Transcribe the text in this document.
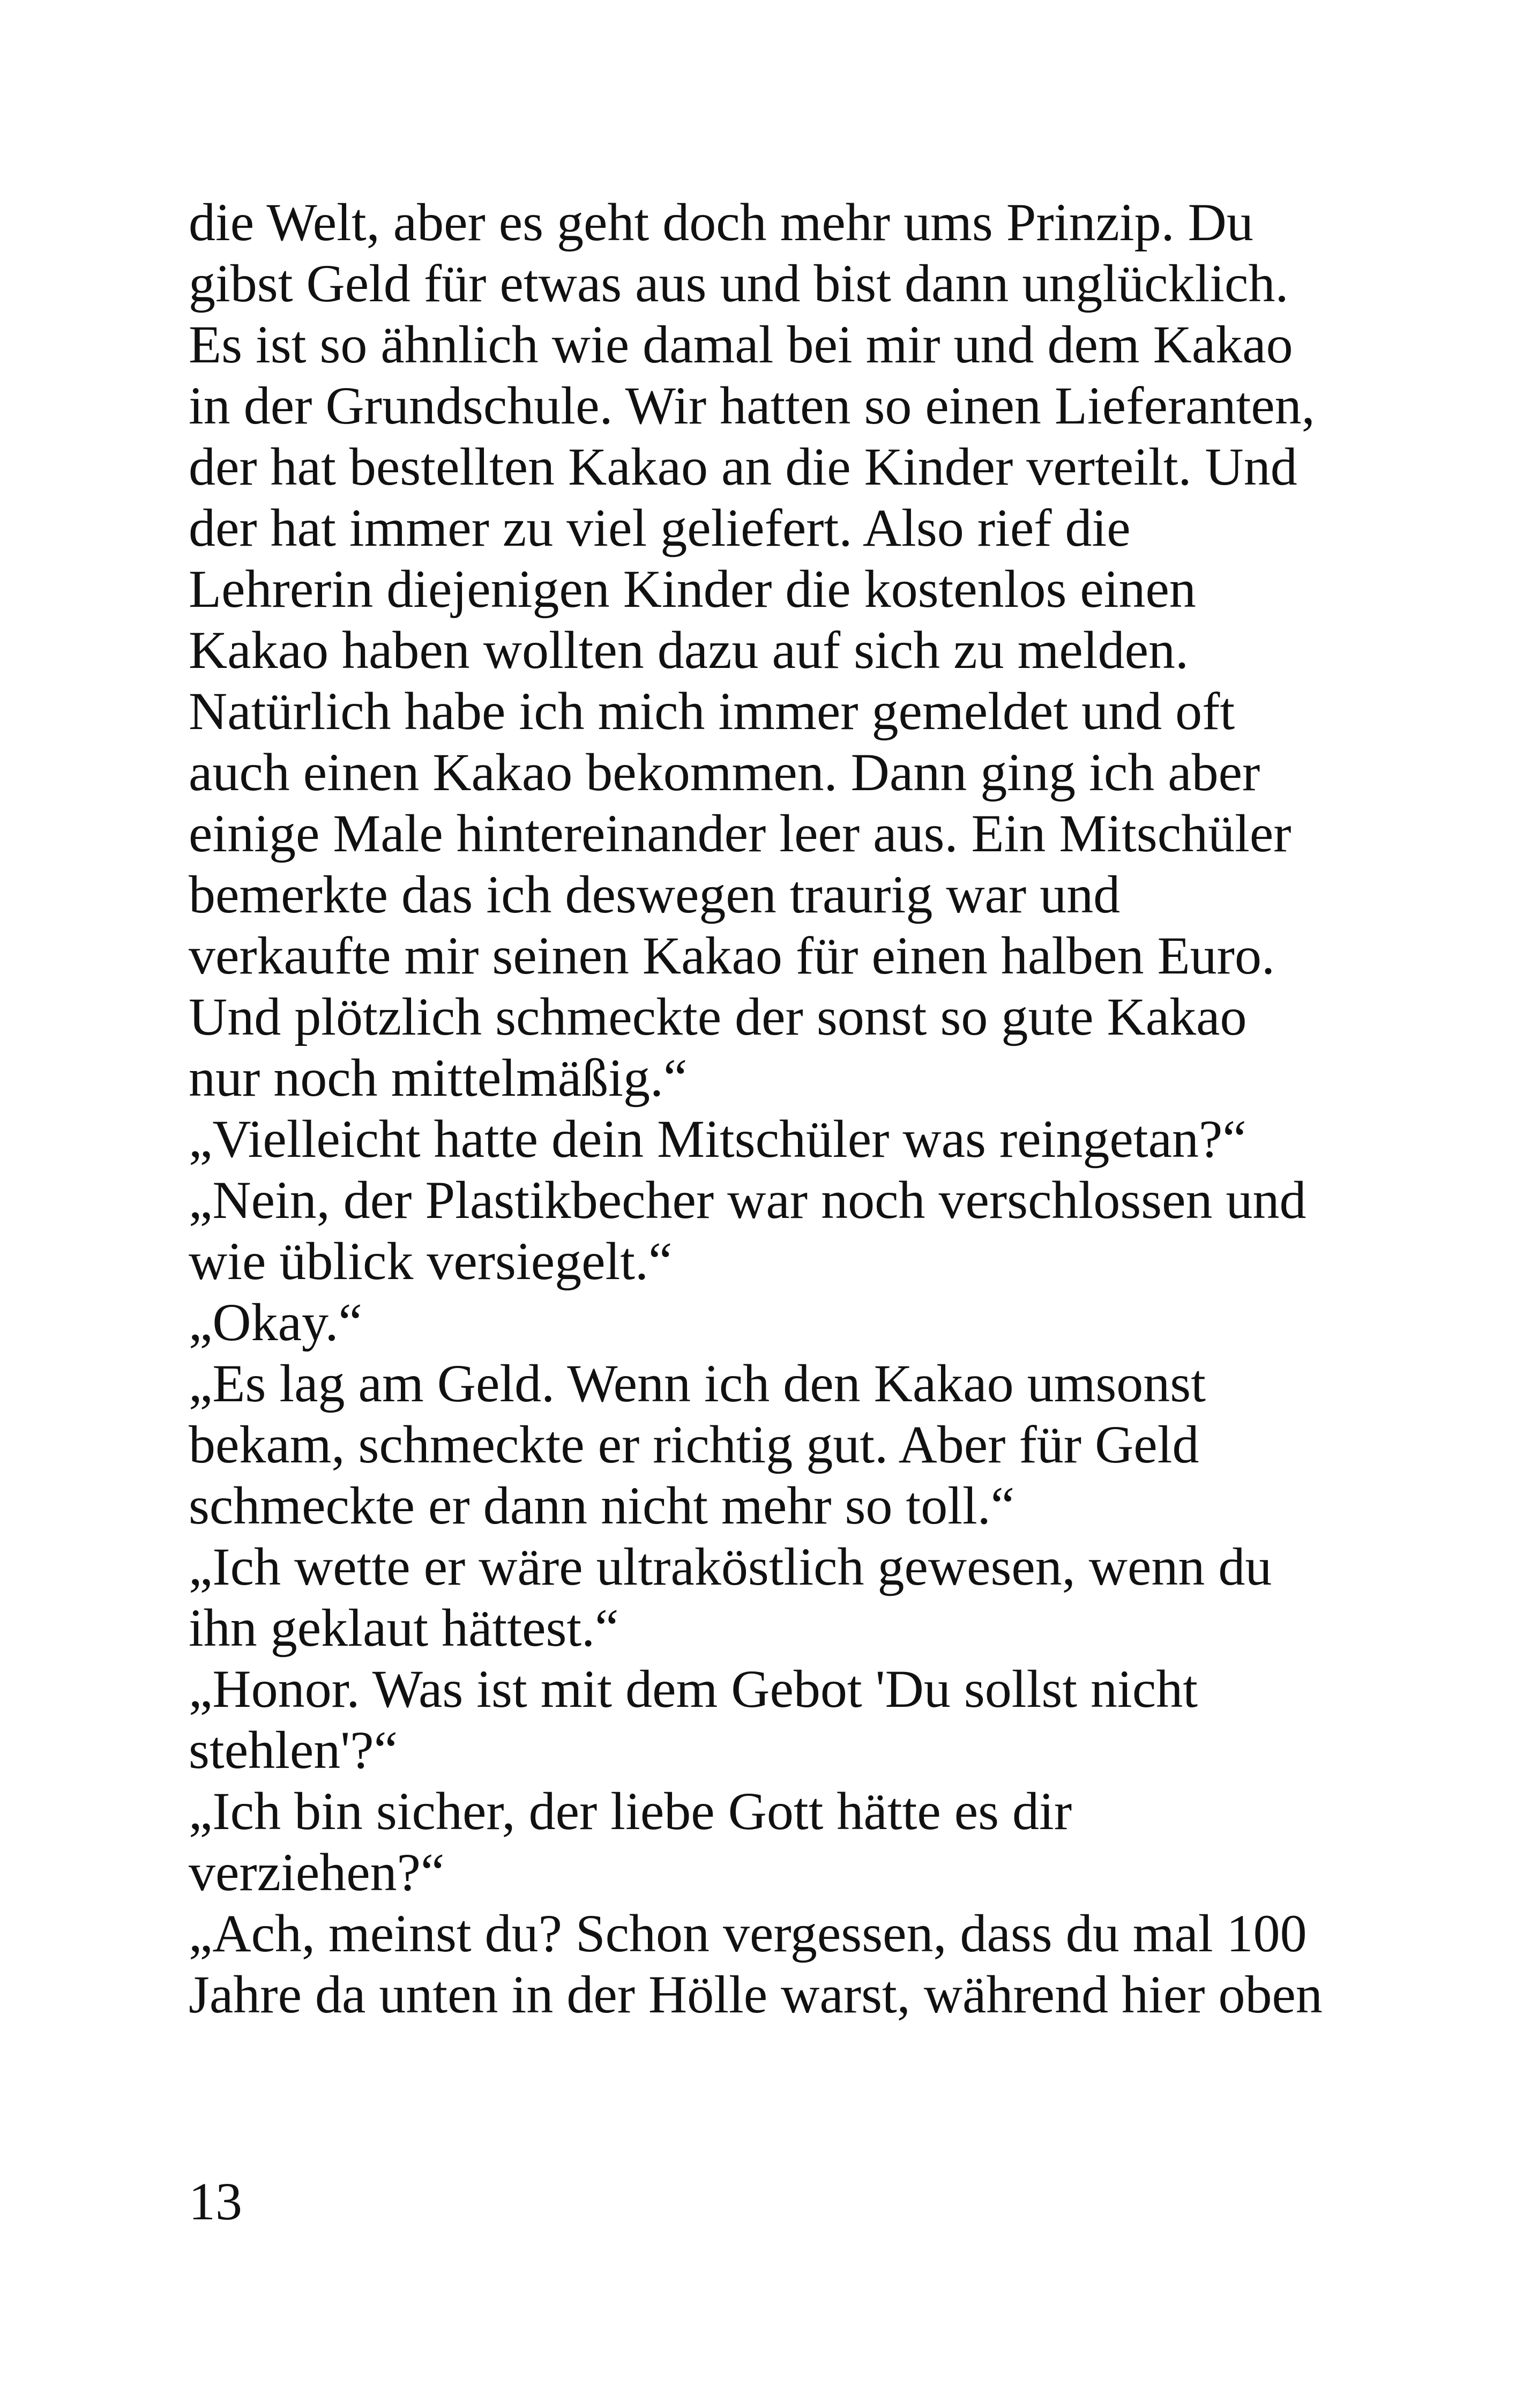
die Welt, aber es geht doch mehr ums Prinzip. Du
gibst Geld für etwas aus und bist dann unglücklich.
Es ist so ähnlich wie damal bei mir und dem Kakao
in der Grundschule. Wir hatten so einen Lieferanten,
der hat bestellten Kakao an die Kinder verteilt. Und
der hat immer zu viel geliefert. Also rief die
Lehrerin diejenigen Kinder die kostenlos einen
Kakao haben wollten dazu auf sich zu melden.
Natürlich habe ich mich immer gemeldet und oft
auch einen Kakao bekommen. Dann ging ich aber
einige Male hintereinander leer aus. Ein Mitschüler
bemerkte das ich deswegen traurig war und
verkaufte mir seinen Kakao für einen halben Euro.
Und plötzlich schmeckte der sonst so gute Kakao
nur noch mittelmäßig.“
„Vielleicht hatte dein Mitschüler was reingetan?“
„Nein, der Plastikbecher war noch verschlossen und
wie üblick versiegelt.“
„Okay.“
„Es lag am Geld. Wenn ich den Kakao umsonst
bekam, schmeckte er richtig gut. Aber für Geld
schmeckte er dann nicht mehr so toll.“
„Ich wette er wäre ultraköstlich gewesen, wenn du
ihn geklaut hättest.“
„Honor. Was ist mit dem Gebot 'Du sollst nicht
stehlen'?“
„Ich bin sicher, der liebe Gott hätte es dir
verziehen?“
„Ach, meinst du? Schon vergessen, dass du mal 100
Jahre da unten in der Hölle warst, während hier oben
13
